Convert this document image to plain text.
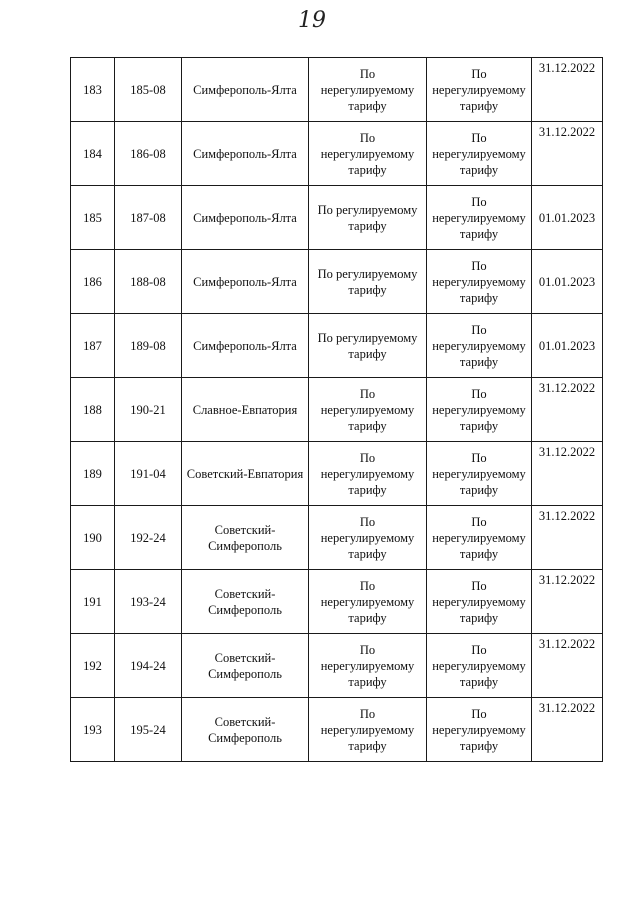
19
183	185-08	Симферополь-Ялта	По нерегулируемому тарифу	По нерегулируемому тарифу	31.12.2022
184	186-08	Симферополь-Ялта	По нерегулируемому тарифу	По нерегулируемому тарифу	31.12.2022
185	187-08	Симферополь-Ялта	По регулируемому тарифу	По нерегулируемому тарифу	01.01.2023
186	188-08	Симферополь-Ялта	По регулируемому тарифу	По нерегулируемому тарифу	01.01.2023
187	189-08	Симферополь-Ялта	По регулируемому тарифу	По нерегулируемому тарифу	01.01.2023
188	190-21	Славное-Евпатория	По нерегулируемому тарифу	По нерегулируемому тарифу	31.12.2022
189	191-04	Советский-Евпатория	По нерегулируемому тарифу	По нерегулируемому тарифу	31.12.2022
190	192-24	Советский-Симферополь	По нерегулируемому тарифу	По нерегулируемому тарифу	31.12.2022
191	193-24	Советский-Симферополь	По нерегулируемому тарифу	По нерегулируемому тарифу	31.12.2022
192	194-24	Советский-Симферополь	По нерегулируемому тарифу	По нерегулируемому тарифу	31.12.2022
193	195-24	Советский-Симферополь	По нерегулируемому тарифу	По нерегулируемому тарифу	31.12.2022
